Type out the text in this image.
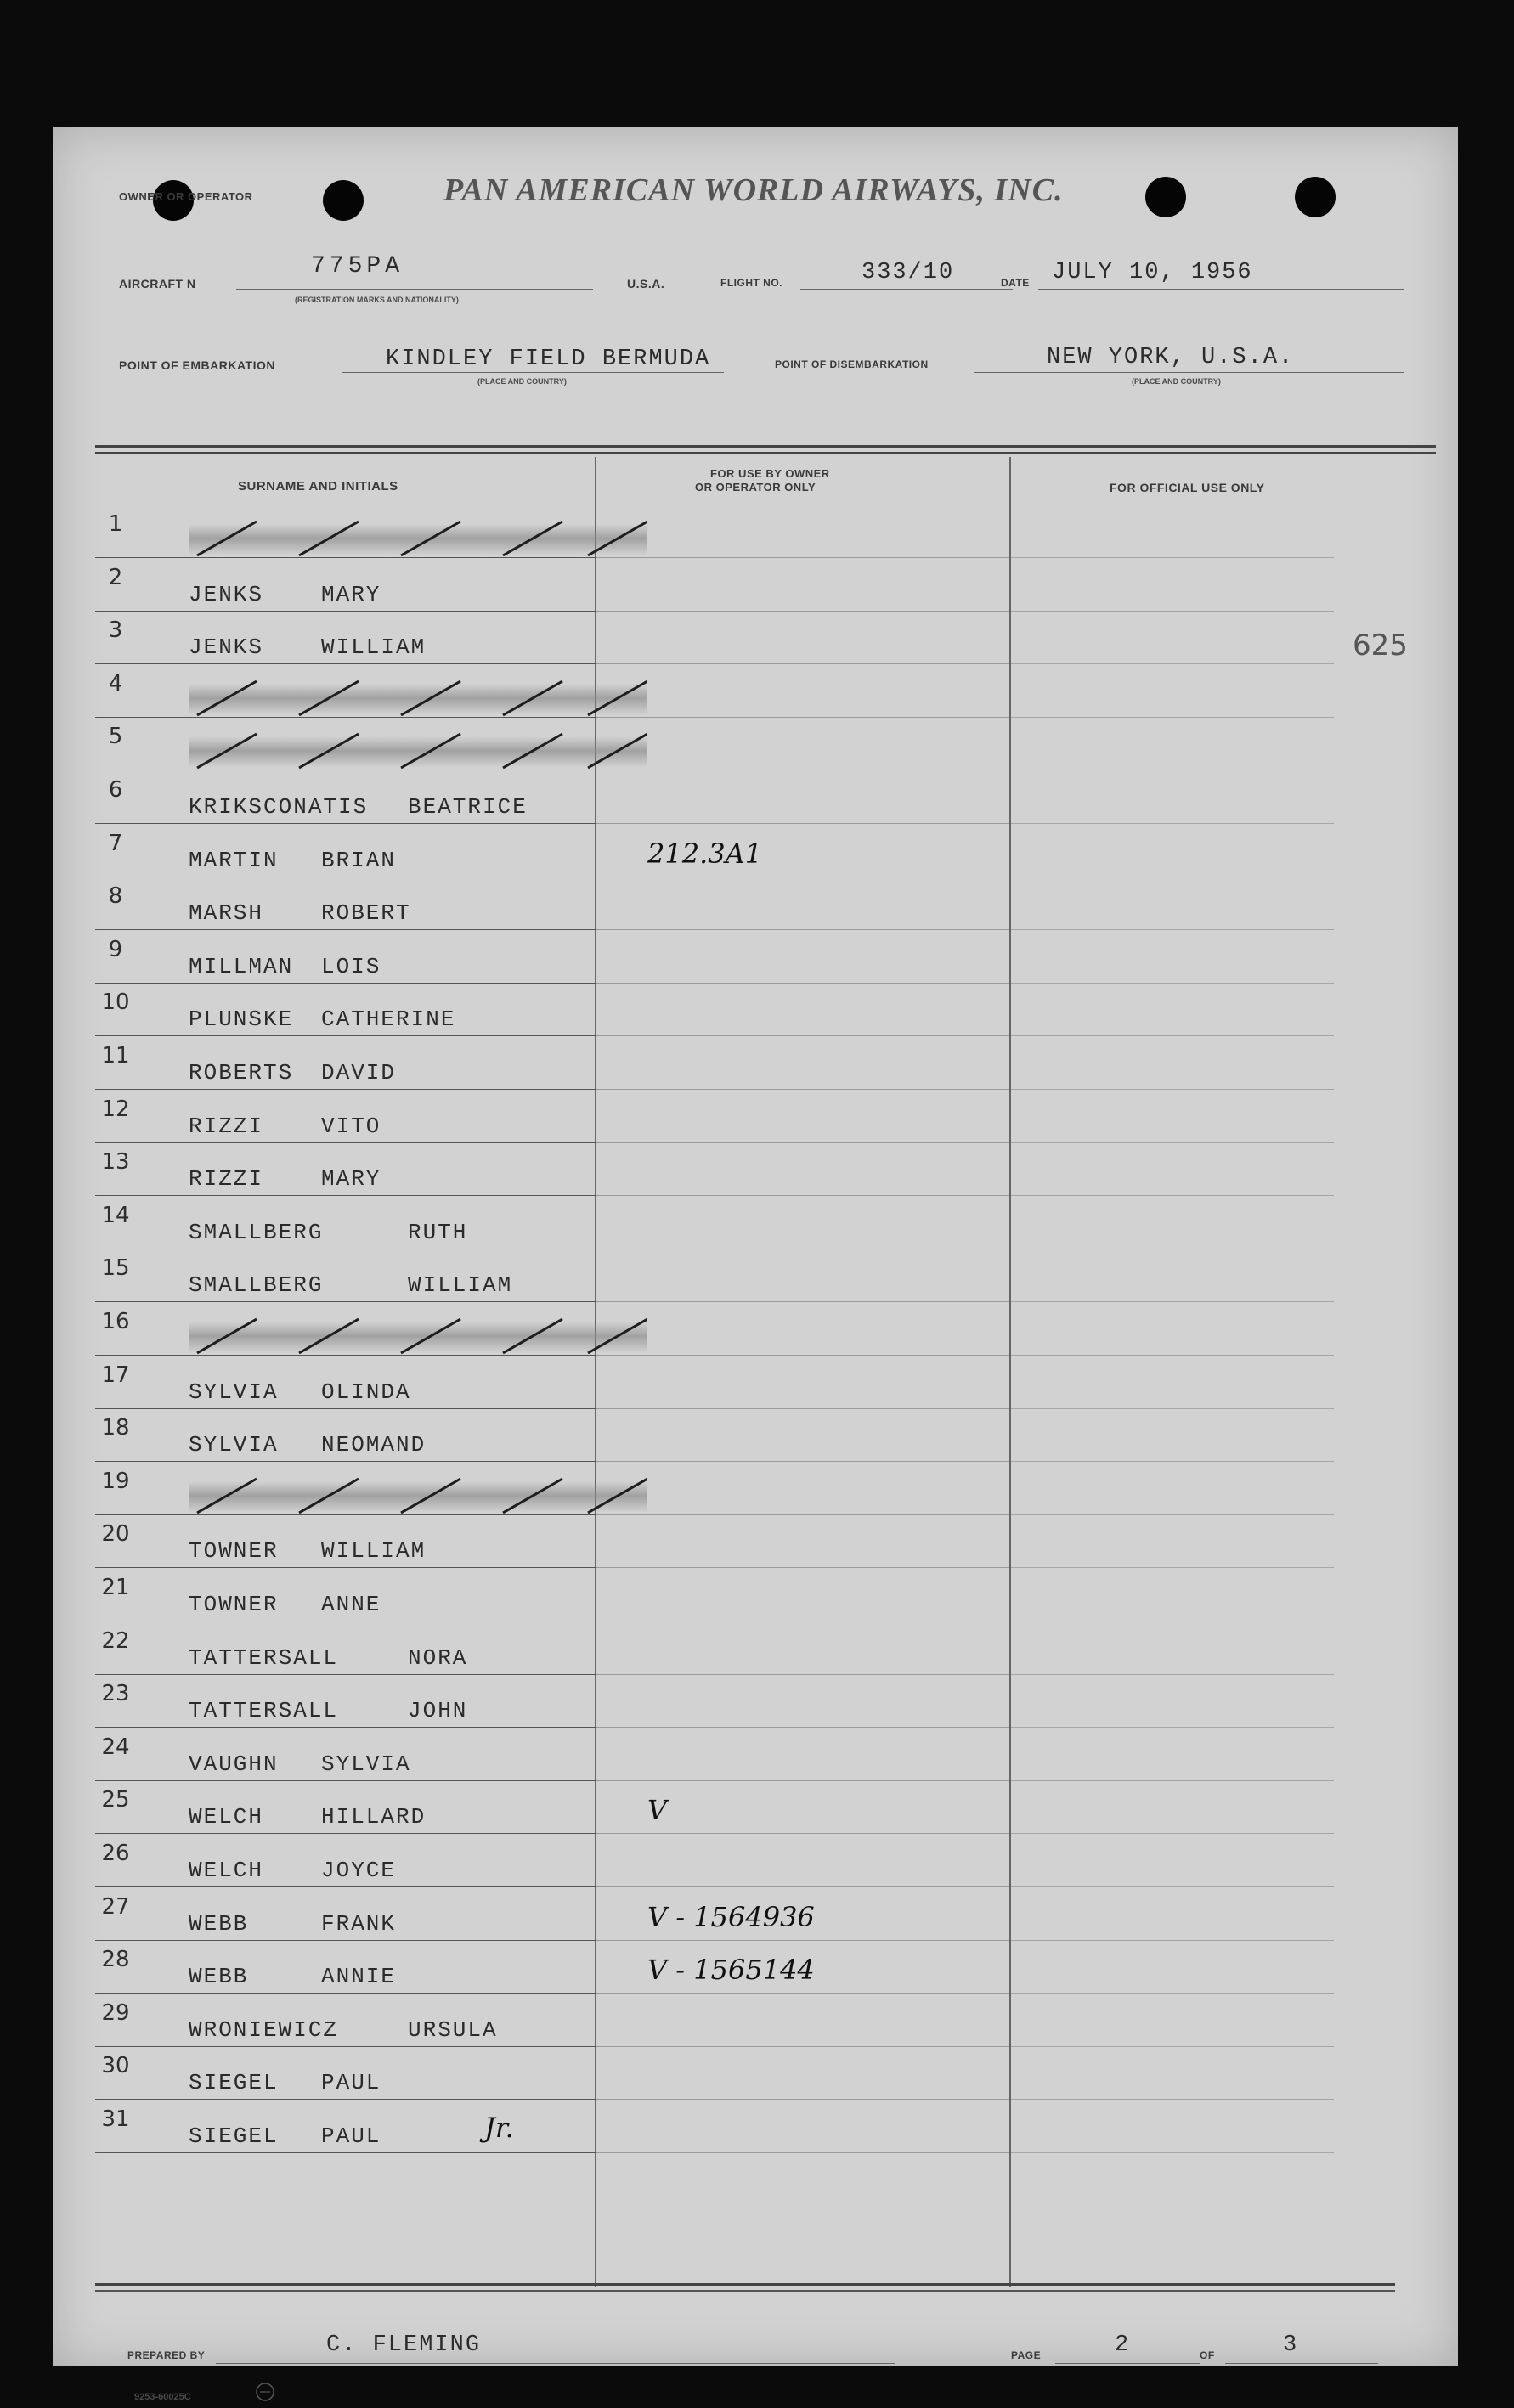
OWNER OR OPERATOR	PAN AMERICAN WORLD AIRWAYS, INC.
AIRCRAFT N
775PA
(REGISTRATION MARKS AND NATIONALITY)
U.S.A.	FLIGHT NO.	333/10	DATE JULY 10, 1956
POINT OF EMBARKATION	KINDLEY FIELD BERMUDA
(PLACE AND COUNTRY)
POINT OF DISEMBARKATION	NEW YORK, U.S.A.
(PLACE AND COUNTRY)
SURNAME AND INITIALS
FOR USE BY OWNER
OR OPERATOR ONLY	FOR OFFICIAL USE ONLY
625
1
2
JENKS	MARY
3
JENKS	WILLIAM
4
5
6
KRIKSCONATIS BEATRICE
7
MARTIN BRIAN	212.3A1
8
MARSH	ROBERT
9
MILLMAN LOIS
10
PLUNSKE CATHERINE
11
ROBERTS DAVID
12
RIZZI	VITO
13
RIZZI	MARY
14
SMALLBERG	RUTH
15
SMALLBERG	WILLIAM
16
17
SYLVIA OLINDA
18
SYLVIA NEOMAND
19
20
TOWNER WILLIAM
21
TOWNER ANNE
22
TATTERSALL	NORA
23
TATTERSALL	JOHN
24
VAUGHN SYLVIA
25
WELCH	HILLARD	V
26
WELCH	JOYCE
27
WEBB	FRANK	V - 1564936
28
WEBB	ANNIE	V - 1565144
29
WRONIEWICZ	URSULA
30
SIEGEL PAUL
31
SIEGEL PAUL	Jr.
PREPARED BY	C. FLEMING	PAGE	2	OF	3
9253-60025C
